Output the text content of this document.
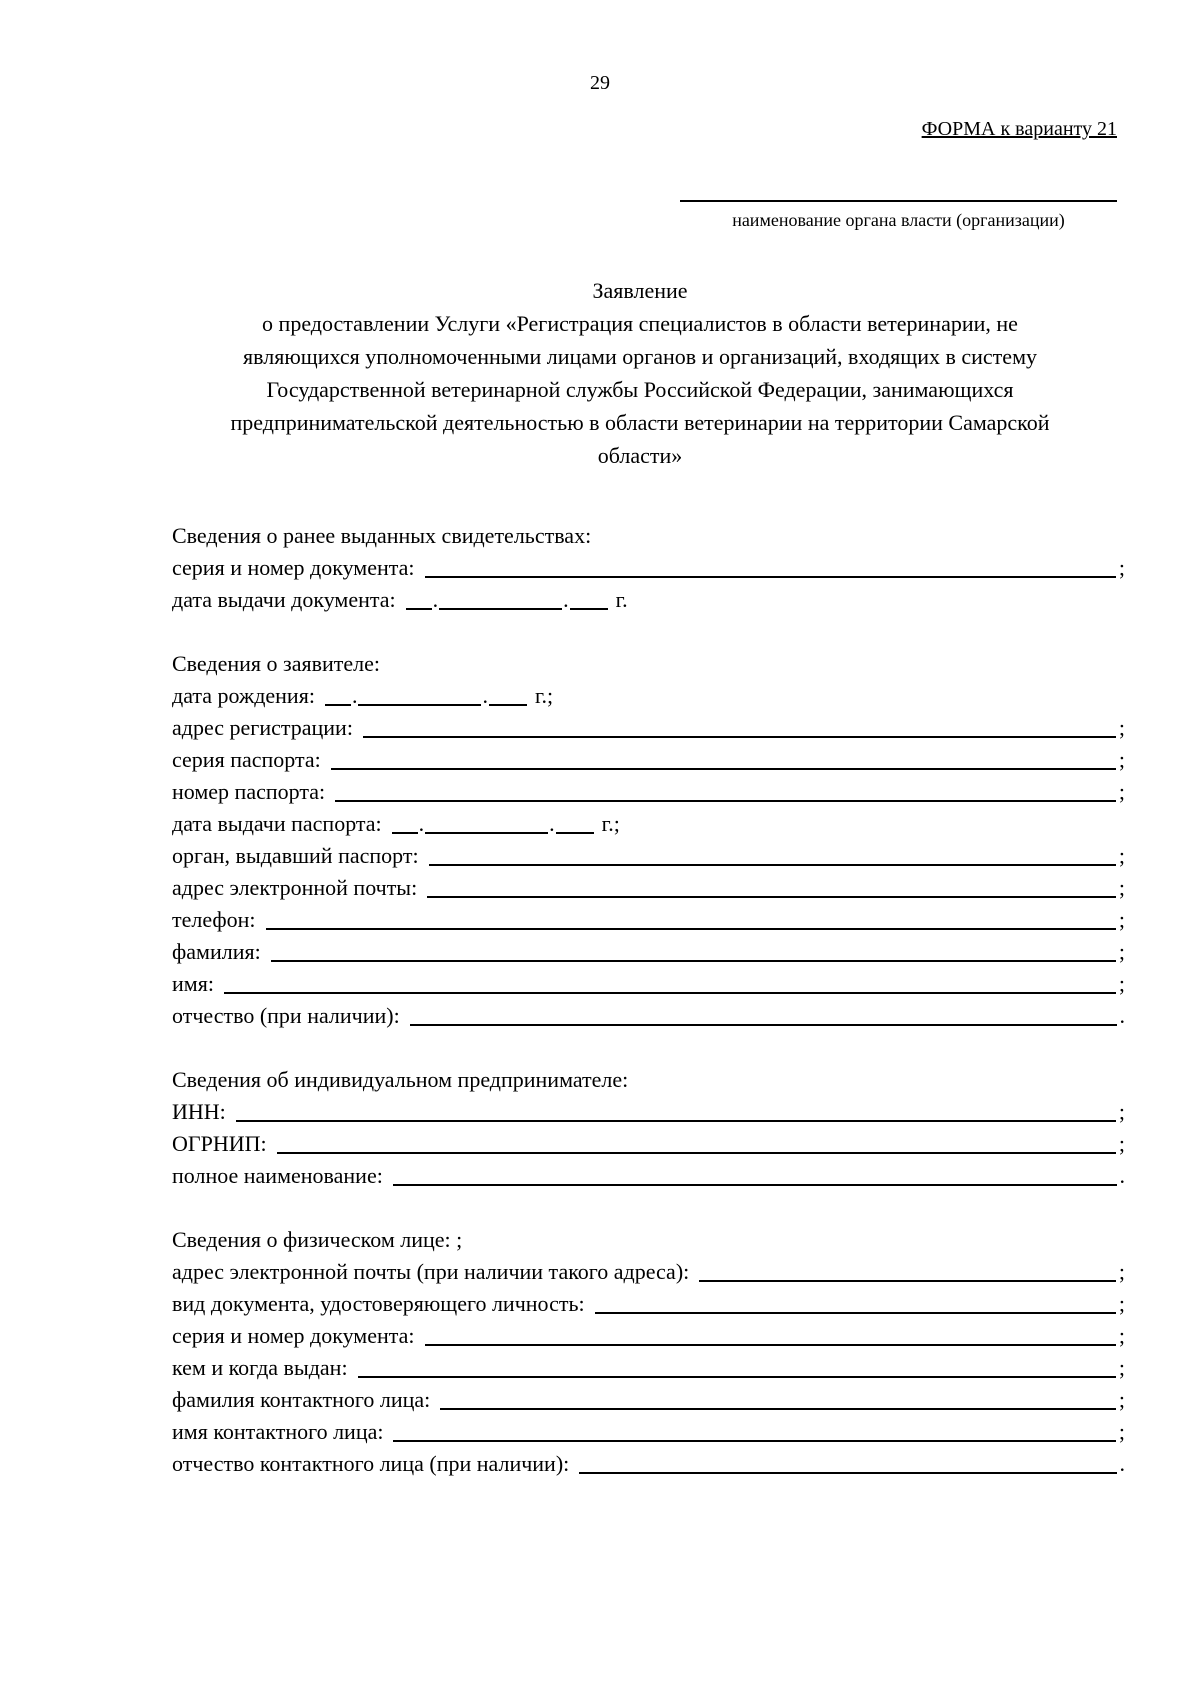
29
ФОРМА к варианту 21
наименование органа власти (организации)
Заявление

о предоставлении Услуги «Регистрация специалистов в области ветеринарии, не

являющихся уполномоченными лицами органов и организаций, входящих в систему

Государственной ветеринарной службы Российской Федерации, занимающихся

предпринимательской деятельностью в области ветеринарии на территории Самарской

области»

Сведения о ранее выданных свидетельствах:
серия и номер документа:	;
дата выдачи документа:	.	.	г.
Сведения о заявителе:
дата рождения:	.	.	г.;
адрес регистрации:	;
серия паспорта:	;
номер паспорта:	;
дата выдачи паспорта:	.	.	г.;
орган, выдавший паспорт:	;
адрес электронной почты:	;
телефон:	;
фамилия:	;
имя:	;
отчество (при наличии):	.
Сведения об индивидуальном предпринимателе:
ИНН:	;
ОГРНИП:	;
полное наименование:	.
Сведения о физическом лице: ;
адрес электронной почты (при наличии такого адреса):	;
вид документа, удостоверяющего личность:	;
серия и номер документа:	;
кем и когда выдан:	;
фамилия контактного лица:	;
имя контактного лица:	;
отчество контактного лица (при наличии):	.
